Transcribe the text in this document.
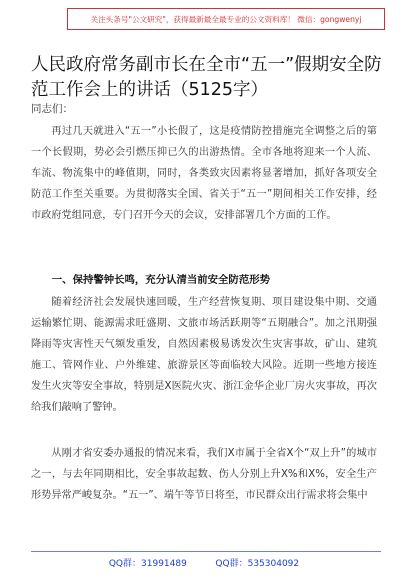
关注头条号"公文研究"，获得最新最全最专业的公文资料库！ 微信：gongwenyj
人民政府常务副市长在全市“五一”假期安全防范工作会上的讲话（5125字）
同志们：

再过几天就进入“五一”小长假了，这是疫情防控措施完全调整之后的第一个长假期，势必会引燃压抑已久的出游热情。全市各地将迎来一个人流、车流、物流集中的峰值期，同时，各类致灾因素将显著增加，抓好各项安全防范工作至关重要。为贯彻落实全国、省关于“五一”期间相关工作安排，经市政府党组同意，专门召开今天的会议，安排部署几个方面的工作。

一、保持警钟长鸣，充分认清当前安全防范形势

随着经济社会发展快速回暖，生产经营恢复期、项目建设集中期、交通运输繁忙期、能源需求旺盛期、文旅市场活跃期等“五期融合”。加之汛期强降雨等灾害性天气频发重发，自然因素极易诱发次生灾害事故，矿山、建筑施工、管网作业、户外维建、旅游景区等面临较大风险。近期一些地方接连发生火灾等安全事故，特别是X医院火灾、浙江金华企业厂房火灾事故，再次给我们敲响了警钟。

从刚才省安委办通报的情况来看，我们X市属于全省X个“双上升”的城市之一，与去年同期相比，安全事故起数、伤人分别上升X%和X%，安全生产形势异常严峻复杂。“五一”、端午等节日将至，市民群众出行需求将会集中

QQ群：31991489          QQ群：535304092
